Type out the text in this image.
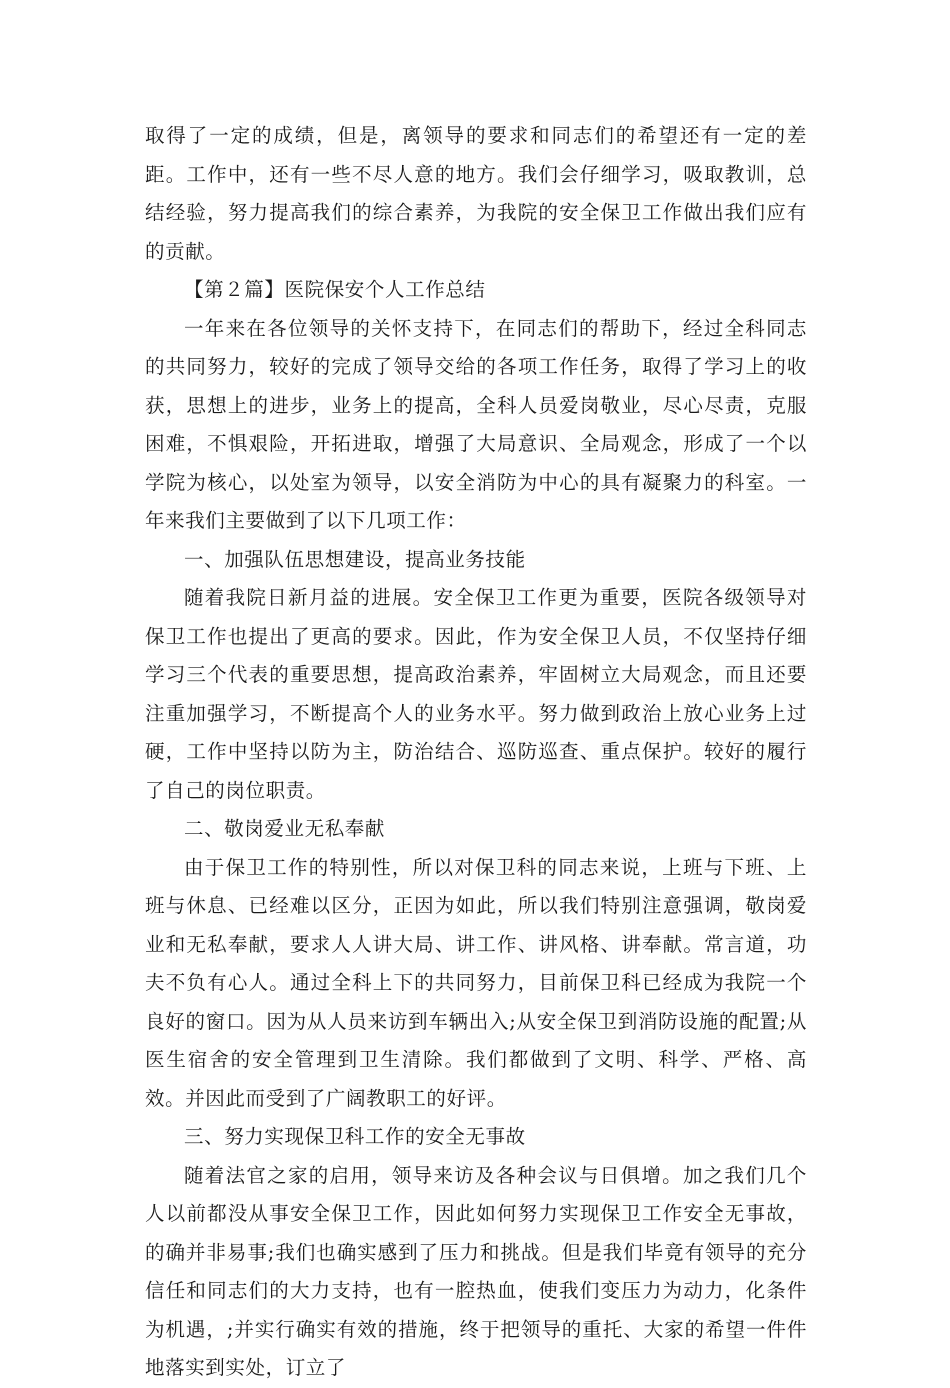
取得了一定的成绩，但是，离领导的要求和同志们的希望还有一定的差距。工作中，还有一些不尽人意的地方。我们会仔细学习，吸取教训，总结经验，努力提高我们的综合素养，为我院的安全保卫工作做出我们应有的贡献。

【第２篇】医院保安个人工作总结

一年来在各位领导的关怀支持下，在同志们的帮助下，经过全科同志的共同努力，较好的完成了领导交给的各项工作任务，取得了学习上的收获，思想上的进步，业务上的提高，全科人员爱岗敬业，尽心尽责，克服困难，不惧艰险，开拓进取，增强了大局意识、全局观念，形成了一个以学院为核心，以处室为领导，以安全消防为中心的具有凝聚力的科室。一年来我们主要做到了以下几项工作：

一、加强队伍思想建设，提高业务技能

随着我院日新月益的进展。安全保卫工作更为重要，医院各级领导对保卫工作也提出了更高的要求。因此，作为安全保卫人员，不仅坚持仔细学习三个代表的重要思想，提高政治素养，牢固树立大局观念，而且还要注重加强学习，不断提高个人的业务水平。努力做到政治上放心业务上过硬，工作中坚持以防为主，防治结合、巡防巡查、重点保护。较好的履行了自己的岗位职责。

二、敬岗爱业无私奉献

由于保卫工作的特别性，所以对保卫科的同志来说，上班与下班、上班与休息、已经难以区分，正因为如此，所以我们特别注意强调，敬岗爱业和无私奉献，要求人人讲大局、讲工作、讲风格、讲奉献。常言道，功夫不负有心人。通过全科上下的共同努力，目前保卫科已经成为我院一个良好的窗口。因为从人员来访到车辆出入;从安全保卫到消防设施的配置;从医生宿舍的安全管理到卫生清除。我们都做到了文明、科学、严格、高效。并因此而受到了广阔教职工的好评。

三、努力实现保卫科工作的安全无事故

随着法官之家的启用，领导来访及各种会议与日俱增。加之我们几个人以前都没从事安全保卫工作，因此如何努力实现保卫工作安全无事故，的确并非易事;我们也确实感到了压力和挑战。但是我们毕竟有领导的充分信任和同志们的大力支持，也有一腔热血，使我们变压力为动力，化条件为机遇，;并实行确实有效的措施，终于把领导的重托、大家的希望一件件地落实到实处，订立了
